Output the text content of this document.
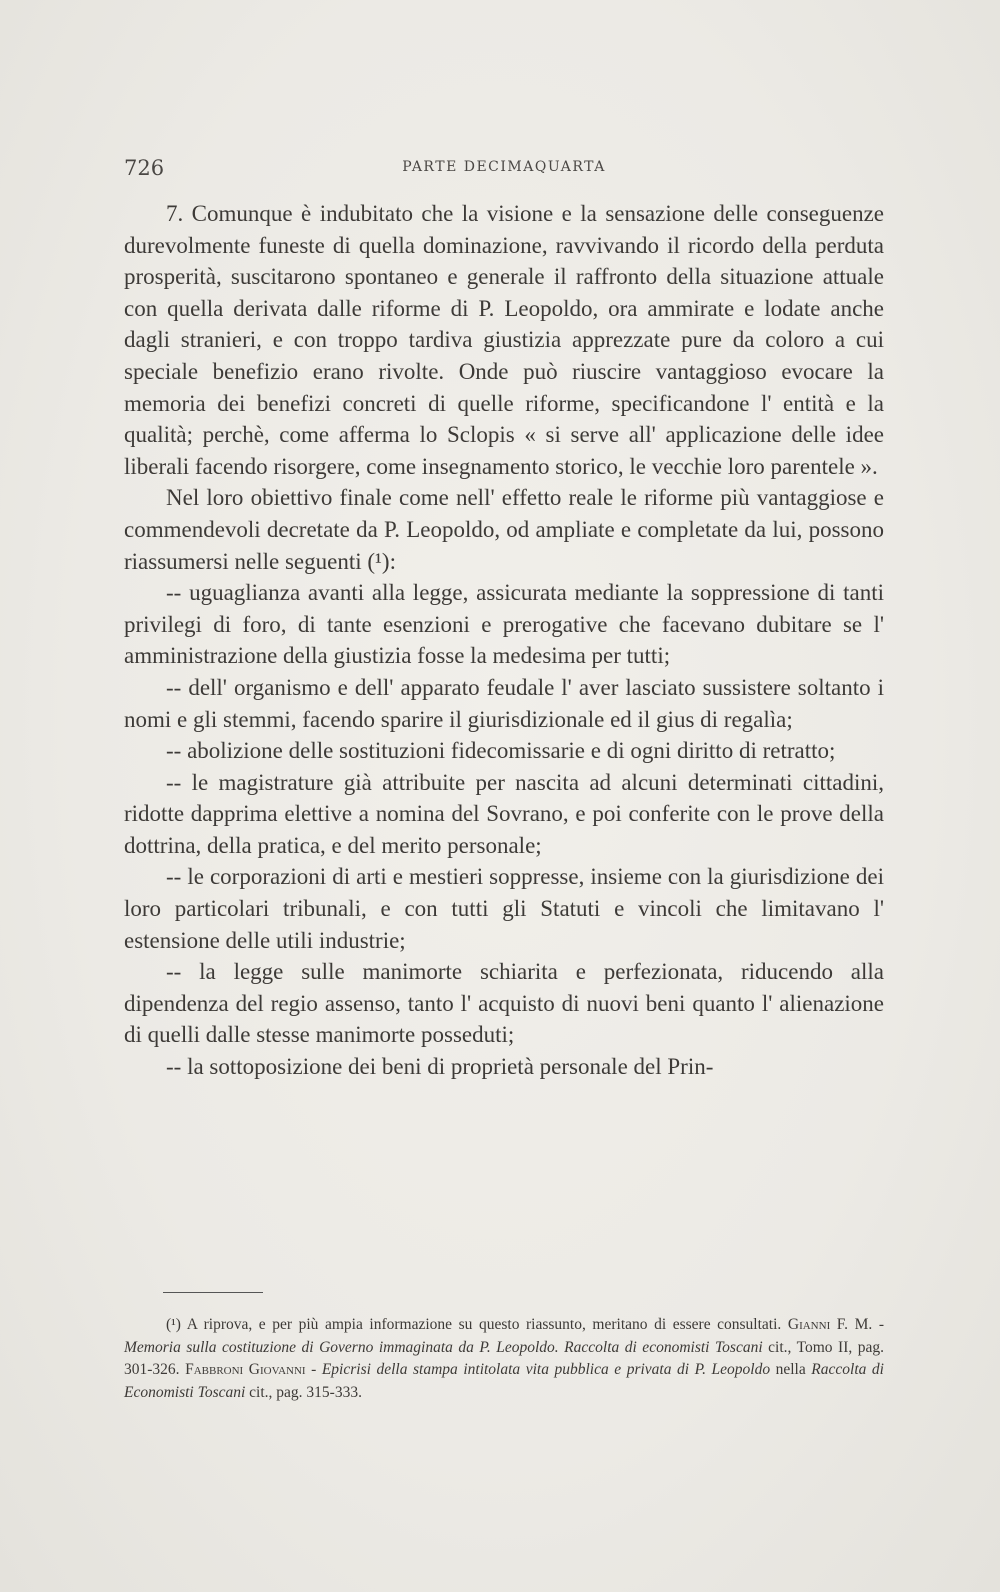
726	PARTE DECIMAQUARTA

7. Comunque è indubitato che la visione e la sensazione delle conseguenze durevolmente funeste di quella dominazione, ravvivando il ricordo della perduta prosperità, suscitarono spontaneo e generale il raffronto della situazione attuale con quella derivata dalle riforme di P. Leopoldo, ora ammirate e lodate anche dagli stranieri, e con troppo tardiva giustizia apprezzate pure da coloro a cui speciale benefizio erano rivolte. Onde può riuscire vantaggioso evocare la memoria dei benefizi concreti di quelle riforme, specificandone l' entità e la qualità; perchè, come afferma lo Sclopis « si serve all' applicazione delle idee liberali facendo risorgere, come insegnamento storico, le vecchie loro parentele ».

Nel loro obiettivo finale come nell' effetto reale le riforme più vantaggiose e commendevoli decretate da P. Leopoldo, od ampliate e completate da lui, possono riassumersi nelle seguenti (¹):

-- uguaglianza avanti alla legge, assicurata mediante la soppressione di tanti privilegi di foro, di tante esenzioni e prerogative che facevano dubitare se l' amministrazione della giustizia fosse la medesima per tutti;

-- dell' organismo e dell' apparato feudale l' aver lasciato sussistere soltanto i nomi e gli stemmi, facendo sparire il giurisdizionale ed il gius di regalìa;

-- abolizione delle sostituzioni fidecomissarie e di ogni diritto di retratto;

-- le magistrature già attribuite per nascita ad alcuni determinati cittadini, ridotte dapprima elettive a nomina del Sovrano, e poi conferite con le prove della dottrina, della pratica, e del merito personale;

-- le corporazioni di arti e mestieri soppresse, insieme con la giurisdizione dei loro particolari tribunali, e con tutti gli Statuti e vincoli che limitavano l' estensione delle utili industrie;

-- la legge sulle manimorte schiarita e perfezionata, riducendo alla dipendenza del regio assenso, tanto l' acquisto di nuovi beni quanto l' alienazione di quelli dalle stesse manimorte posseduti;

-- la sottoposizione dei beni di proprietà personale del Prin-

(¹) A riprova, e per più ampia informazione su questo riassunto, meritano di essere consultati. Gianni F. M. - Memoria sulla costituzione di Governo immaginata da P. Leopoldo. Raccolta di economisti Toscani cit., Tomo II, pag. 301-326. Fabbroni Giovanni - Epicrisi della stampa intitolata vita pubblica e privata di P. Leopoldo nella Raccolta di Economisti Toscani cit., pag. 315-333.
